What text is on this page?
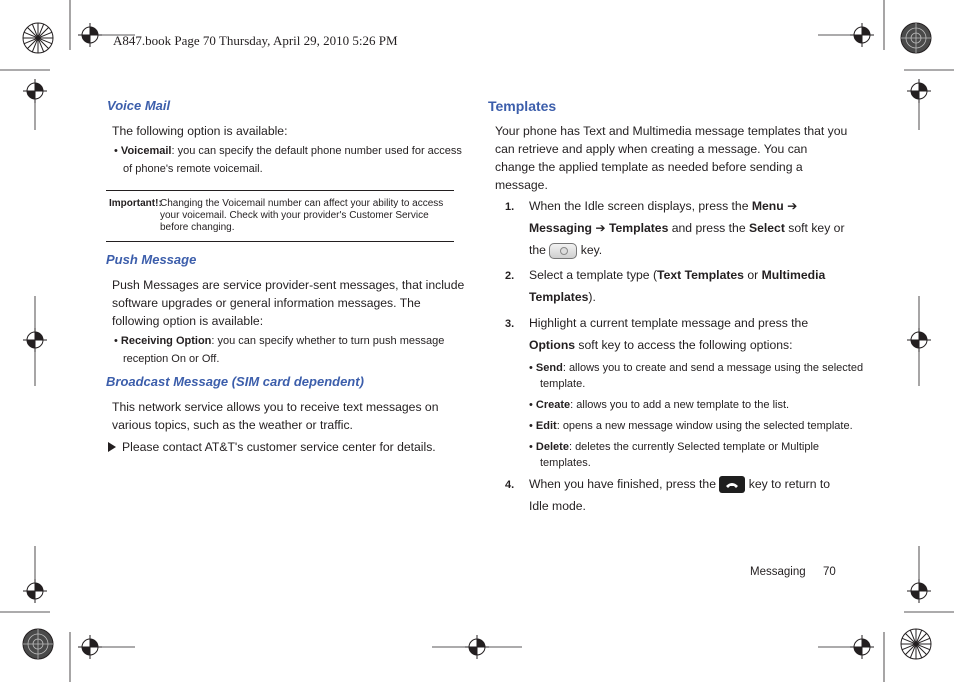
A847.book Page 70 Thursday, April 29, 2010 5:26 PM
Voice Mail
The following option is available:
• Voicemail: you can specify the default phone number used for access
of phone's remote voicemail.
Important!:
Changing the Voicemail number can affect your ability to access
your voicemail. Check with your provider's Customer Service
before changing.
Push Message
Push Messages are service provider-sent messages, that include
software upgrades or general information messages. The
following option is available:
• Receiving Option: you can specify whether to turn push message
reception On or Off.
Broadcast Message (SIM card dependent)
This network service allows you to receive text messages on
various topics, such as the weather or traffic.
Please contact AT&T's customer service center for details.
Templates
Your phone has Text and Multimedia message templates that you
can retrieve and apply when creating a message. You can
change the applied template as needed before sending a
message.
1. When the Idle screen displays, press the Menu ➔
Messaging ➔ Templates and press the Select soft key or
the
key.
2. Select a template type (Text Templates or Multimedia
Templates).
3. Highlight a current template message and press the
Options soft key to access the following options:
• Send: allows you to create and send a message using the selected
template.
• Create: allows you to add a new template to the list.
• Edit: opens a new message window using the selected template.
• Delete: deletes the currently Selected template or Multiple
templates.
4. When you have finished, press the
key to return to
Idle mode.
Messaging 70
